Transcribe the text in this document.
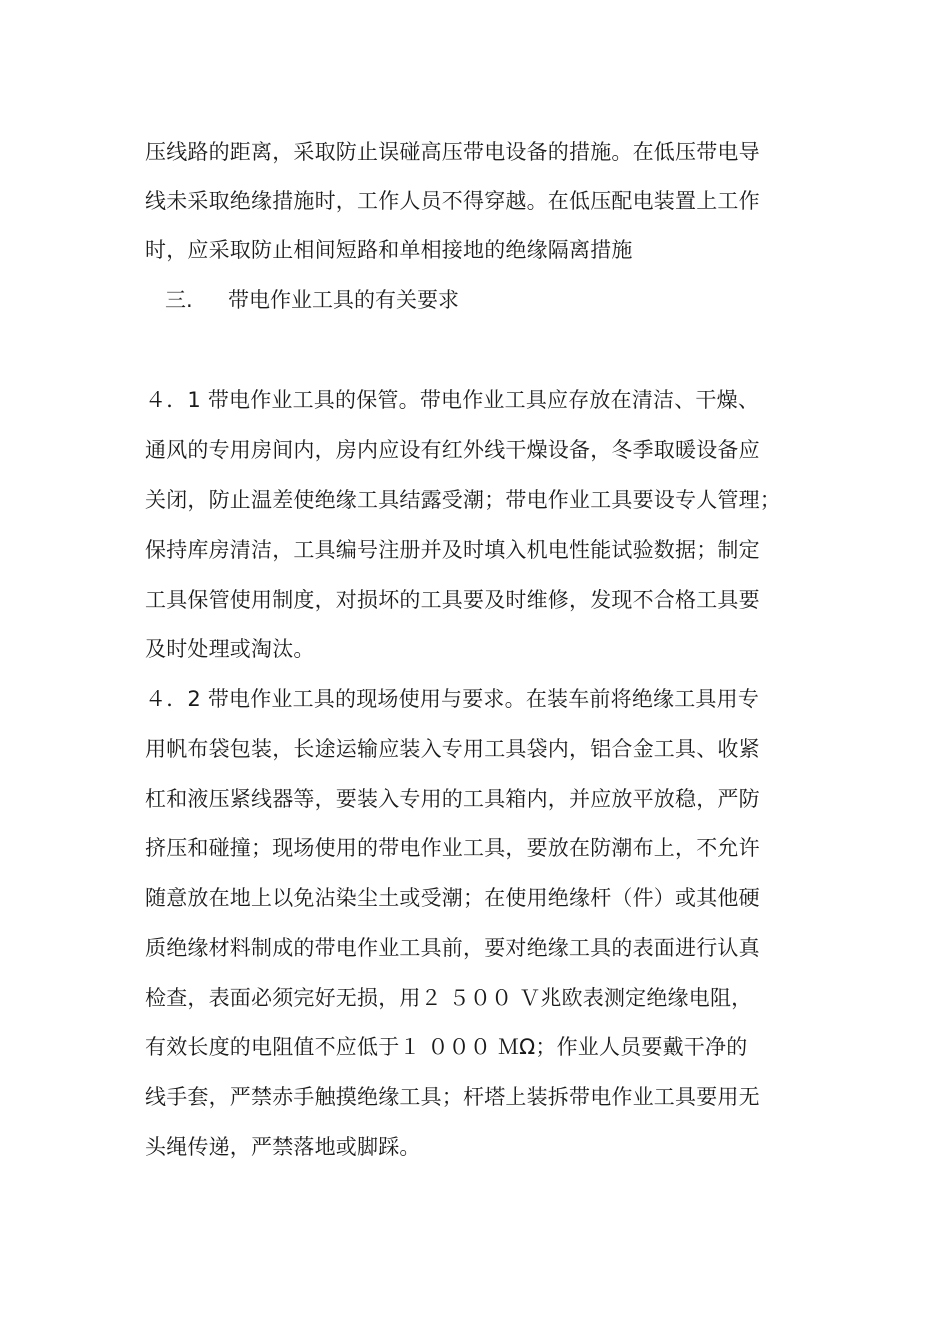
压线路的距离，采取防止误碰高压带电设备的措施。在低压带电导
线未采取绝缘措施时，工作人员不得穿越。在低压配电装置上工作
时，应采取防止相间短路和单相接地的绝缘隔离措施
三. 带电作业工具的有关要求
４．1 带电作业工具的保管。带电作业工具应存放在清洁、干燥、
通风的专用房间内，房内应设有红外线干燥设备，冬季取暖设备应
关闭，防止温差使绝缘工具结露受潮；带电作业工具要设专人管理；
保持库房清洁，工具编号注册并及时填入机电性能试验数据；制定
工具保管使用制度，对损坏的工具要及时维修，发现不合格工具要
及时处理或淘汰。
４．2 带电作业工具的现场使用与要求。在装车前将绝缘工具用专
用帆布袋包装，长途运输应装入专用工具袋内，铝合金工具、收紧
杠和液压紧线器等，要装入专用的工具箱内，并应放平放稳，严防
挤压和碰撞；现场使用的带电作业工具，要放在防潮布上，不允许
随意放在地上以免沾染尘土或受潮；在使用绝缘杆（件）或其他硬
质绝缘材料制成的带电作业工具前，要对绝缘工具的表面进行认真
检查，表面必须完好无损，用２ ５００ Ｖ兆欧表测定绝缘电阻，
有效长度的电阻值不应低于１ ０００ ＭΩ；作业人员要戴干净的
线手套，严禁赤手触摸绝缘工具；杆塔上装拆带电作业工具要用无
头绳传递，严禁落地或脚踩。
